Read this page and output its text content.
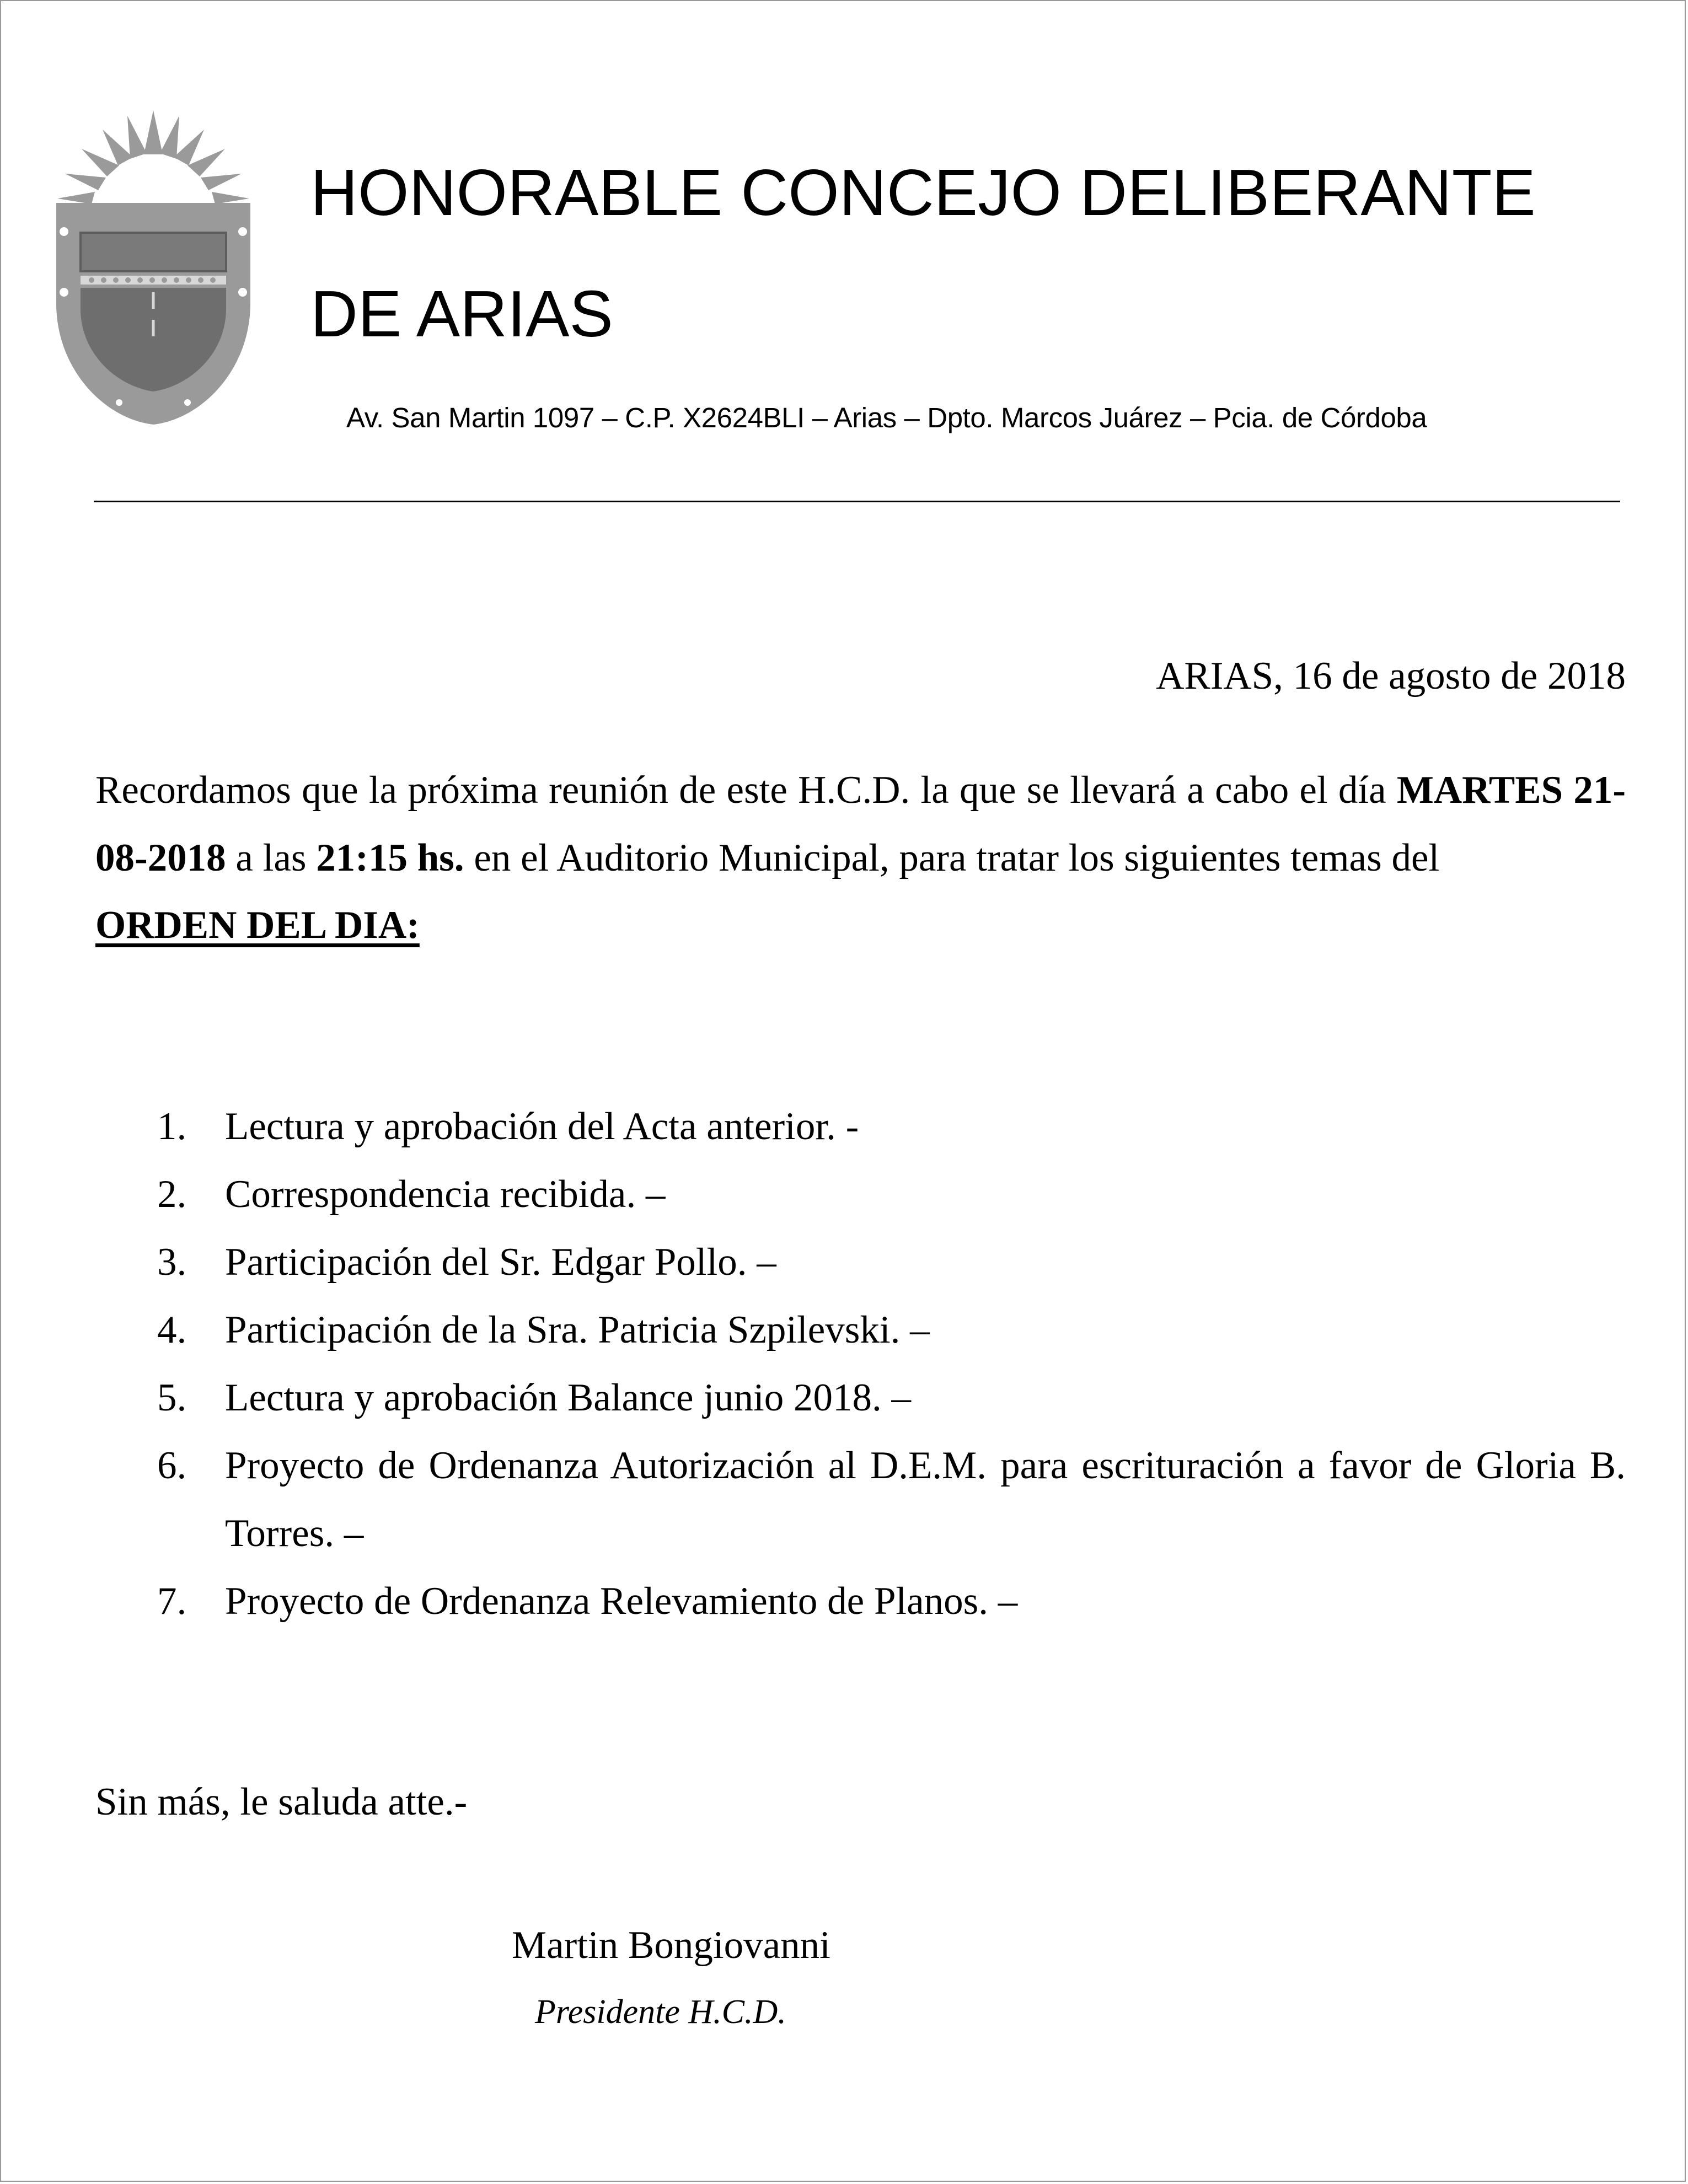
HONORABLE CONCEJO DELIBERANTE
DE ARIAS
Av. San Martin 1097 – C.P. X2624BLI – Arias – Dpto. Marcos Juárez – Pcia. de Córdoba
ARIAS, 16 de agosto de 2018
Recordamos que la próxima reunión de este H.C.D. la que se llevará a cabo el día MARTES 21-08-2018 a las 21:15 hs. en el Auditorio Municipal, para tratar los siguientes temas del
ORDEN DEL DIA:
1. Lectura y aprobación del Acta anterior. -
2. Correspondencia recibida. –
3. Participación del Sr. Edgar Pollo. –
4. Participación de la Sra. Patricia Szpilevski. –
5. Lectura y aprobación Balance junio 2018. –
6. Proyecto de Ordenanza Autorización al D.E.M. para escrituración a favor de Gloria B. Torres. –
7. Proyecto de Ordenanza Relevamiento de Planos. –
Sin más, le saluda atte.-
Martin Bongiovanni
Presidente H.C.D.
